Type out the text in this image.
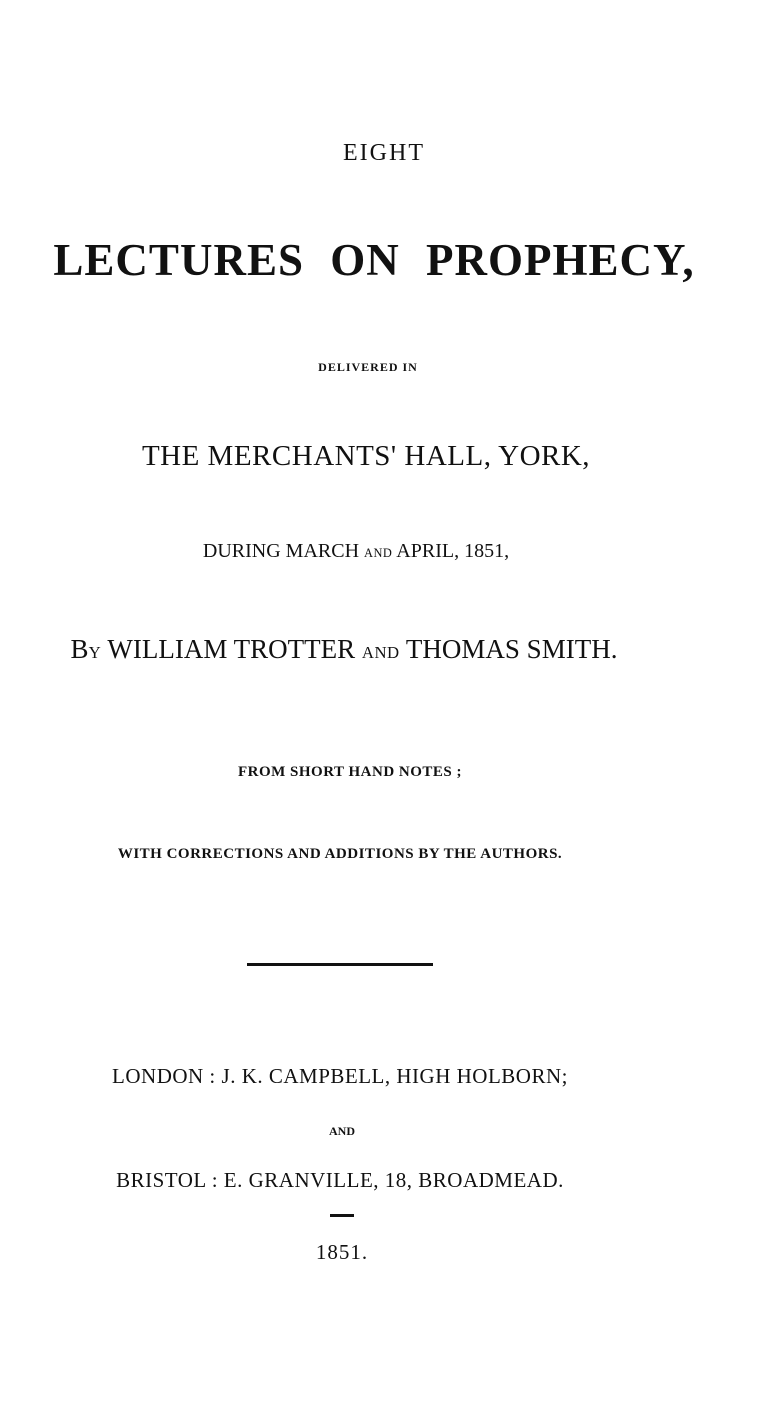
EIGHT
LECTURES ON PROPHECY,
DELIVERED IN
THE MERCHANTS' HALL, YORK,
DURING MARCH AND APRIL, 1851,
BY WILLIAM TROTTER AND THOMAS SMITH.
FROM SHORT HAND NOTES ;
WITH CORRECTIONS AND ADDITIONS BY THE AUTHORS.
LONDON : J. K. CAMPBELL, HIGH HOLBORN;
AND
BRISTOL : E. GRANVILLE, 18, BROADMEAD.
1851.
